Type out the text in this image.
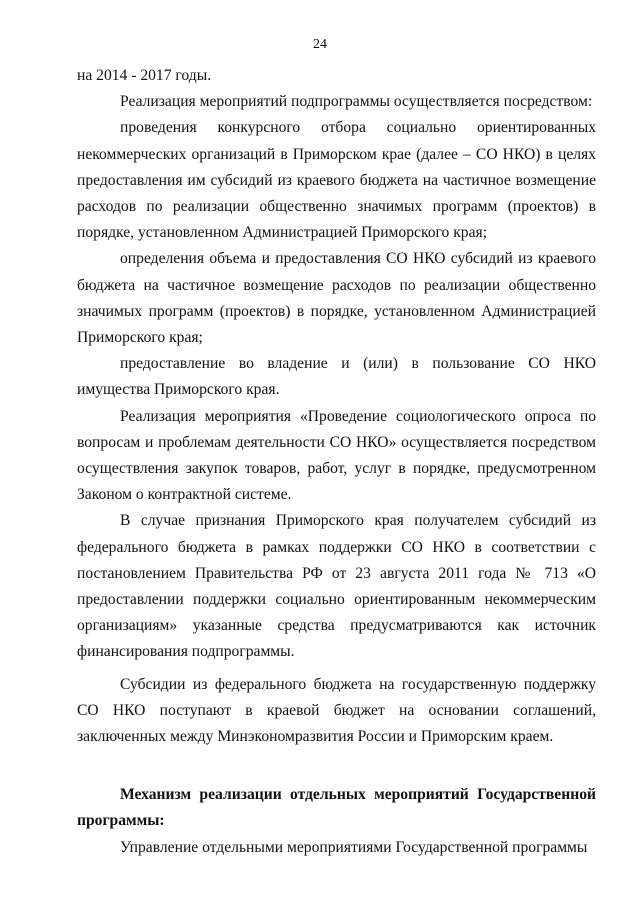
24

на 2014 - 2017 годы.

Реализация мероприятий подпрограммы осуществляется посредством:

проведения конкурсного отбора социально ориентированных некоммерческих организаций в Приморском крае (далее – СО НКО) в целях предоставления им субсидий из краевого бюджета на частичное возмещение расходов по реализации общественно значимых программ (проектов) в порядке, установленном Администрацией Приморского края;

определения объема и предоставления СО НКО субсидий из краевого бюджета на частичное возмещение расходов по реализации общественно значимых программ (проектов) в порядке, установленном Администрацией Приморского края;

предоставление во владение и (или) в пользование СО НКО имущества Приморского края.

Реализация мероприятия «Проведение социологического опроса по вопросам и проблемам деятельности СО НКО» осуществляется посредством осуществления закупок товаров, работ, услуг в порядке, предусмотренном Законом о контрактной системе.

В случае признания Приморского края получателем субсидий из федерального бюджета в рамках поддержки СО НКО в соответствии с постановлением Правительства РФ от 23 августа 2011 года № 713 «О предоставлении поддержки социально ориентированным некоммерческим организациям» указанные средства предусматриваются как источник финансирования подпрограммы.

Субсидии из федерального бюджета на государственную поддержку СО НКО поступают в краевой бюджет на основании соглашений, заключенных между Минэкономразвития России и Приморским краем.

Механизм реализации отдельных мероприятий Государственной программы:

Управление отдельными мероприятиями Государственной программы
